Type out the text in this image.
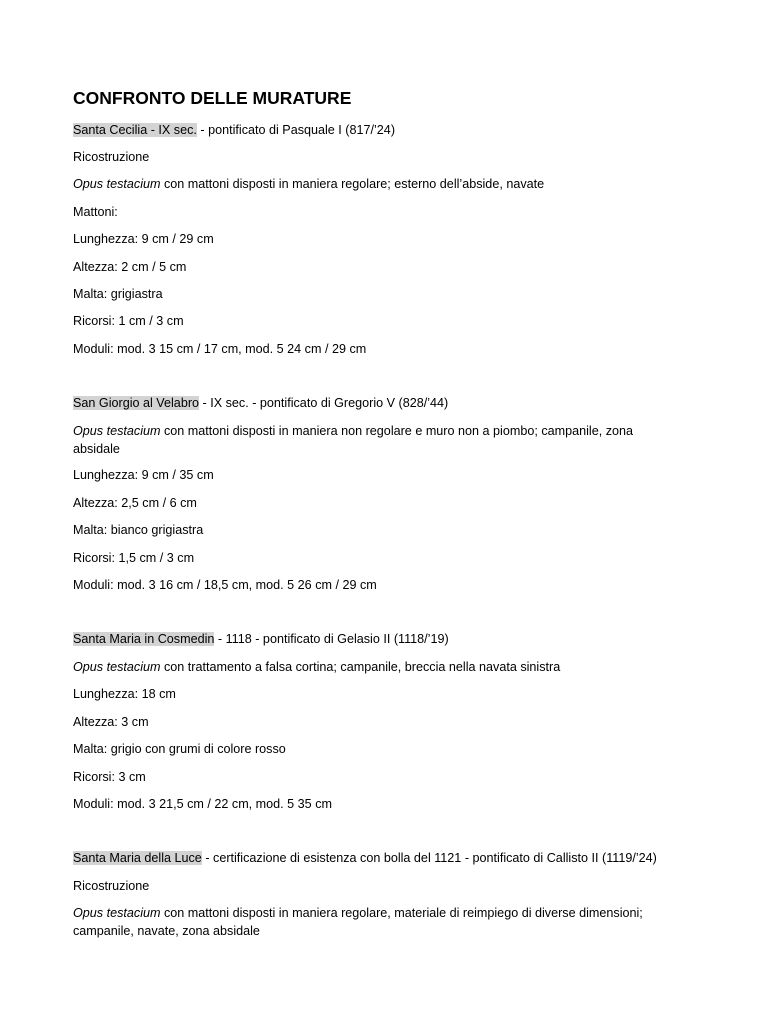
CONFRONTO DELLE MURATURE

Santa Cecilia - IX sec. - pontificato di Pasquale I (817/’24)

Ricostruzione

Opus testacium con mattoni disposti in maniera regolare; esterno dell’abside, navate

Mattoni:

Lunghezza: 9 cm / 29 cm

Altezza: 2 cm / 5 cm

Malta: grigiastra

Ricorsi: 1 cm / 3 cm

Moduli: mod. 3 15 cm / 17 cm, mod. 5 24 cm / 29 cm

San Giorgio al Velabro - IX sec. - pontificato di Gregorio V (828/’44)

Opus testacium con mattoni disposti in maniera non regolare e muro non a piombo; campanile, zona absidale

Lunghezza: 9 cm / 35 cm

Altezza: 2,5 cm / 6 cm

Malta: bianco grigiastra

Ricorsi: 1,5 cm / 3 cm

Moduli: mod. 3 16 cm / 18,5 cm, mod. 5 26 cm / 29 cm

Santa Maria in Cosmedin - 1118 - pontificato di Gelasio II (1118/’19)

Opus testacium con trattamento a falsa cortina; campanile, breccia nella navata sinistra

Lunghezza: 18 cm

Altezza: 3 cm

Malta: grigio con grumi di colore rosso

Ricorsi: 3 cm

Moduli: mod. 3 21,5 cm / 22 cm, mod. 5 35 cm

Santa Maria della Luce - certificazione di esistenza con bolla del 1121 - pontificato di Callisto II (1119/’24)

Ricostruzione

Opus testacium con mattoni disposti in maniera regolare, materiale di reimpiego di diverse dimensioni; campanile, navate, zona absidale
